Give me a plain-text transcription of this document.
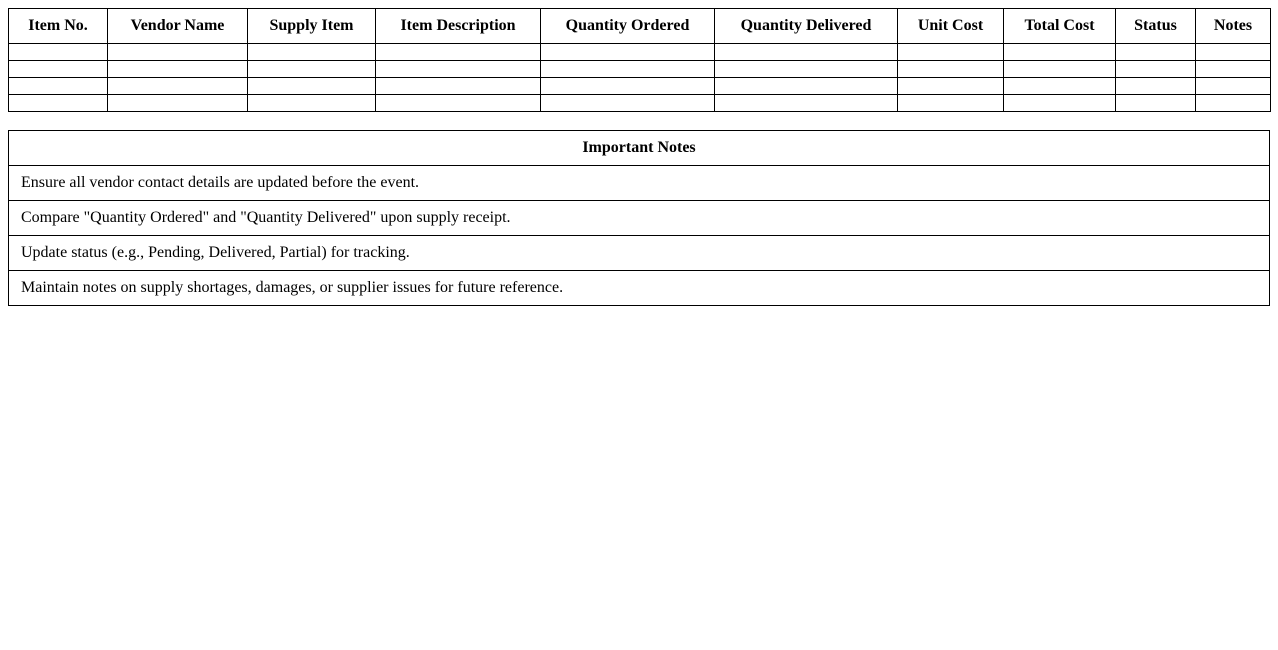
Item No.	Vendor Name	Supply Item	Item Description	Quantity Ordered	Quantity Delivered	Unit Cost	Total Cost	Status	Notes

Important Notes
Ensure all vendor contact details are updated before the event.
Compare "Quantity Ordered" and "Quantity Delivered" upon supply receipt.
Update status (e.g., Pending, Delivered, Partial) for tracking.
Maintain notes on supply shortages, damages, or supplier issues for future reference.
